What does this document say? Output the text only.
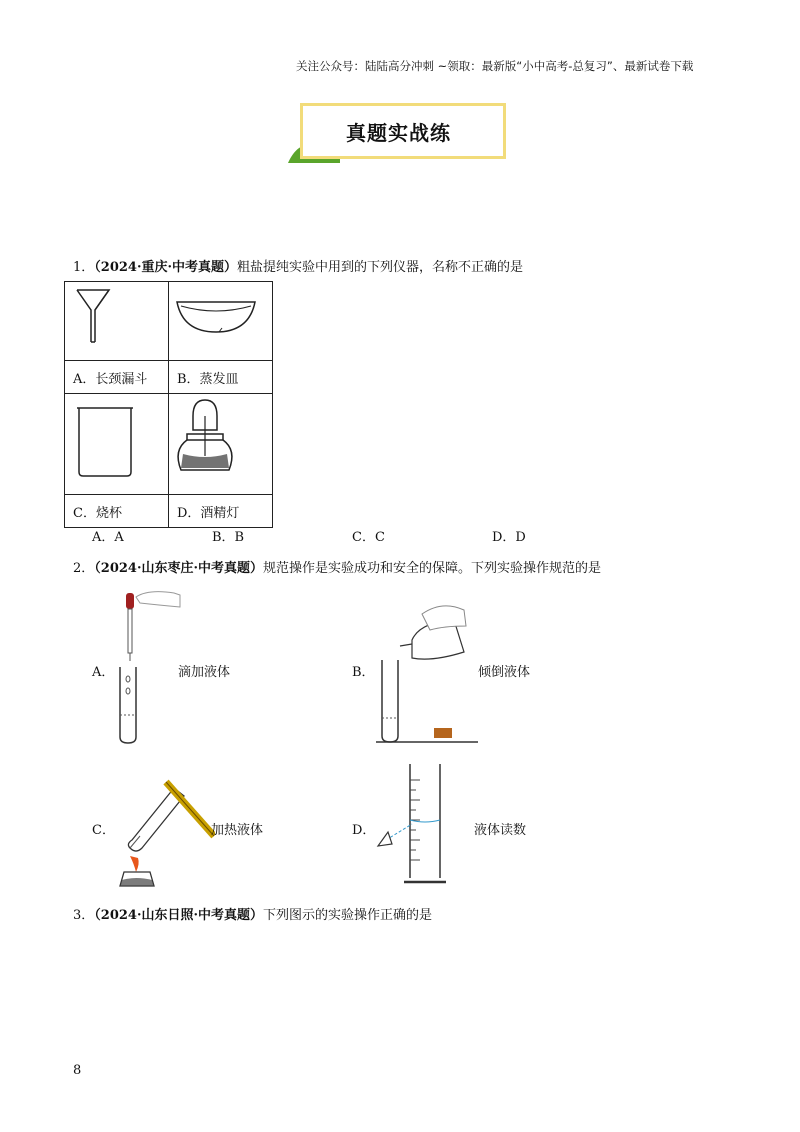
关注公众号：陆陆高分冲刺 ~领取：最新版“小中高考-总复习”、最新试卷下载
真题实战练
1．（2024·重庆·中考真题）粗盐提纯实验中用到的下列仪器，名称不正确的是

A．长颈漏斗	B．蒸发皿

C．烧杯	D．酒精灯
A．A	B．B	C．C	D．D
2．（2024·山东枣庄·中考真题）规范操作是实验成功和安全的保障。下列实验操作规范的是
A．	滴加液体	B．	倾倒液体
C．	加热液体	D．	液体读数
3．（2024·山东日照·中考真题）下列图示的实验操作正确的是
8
